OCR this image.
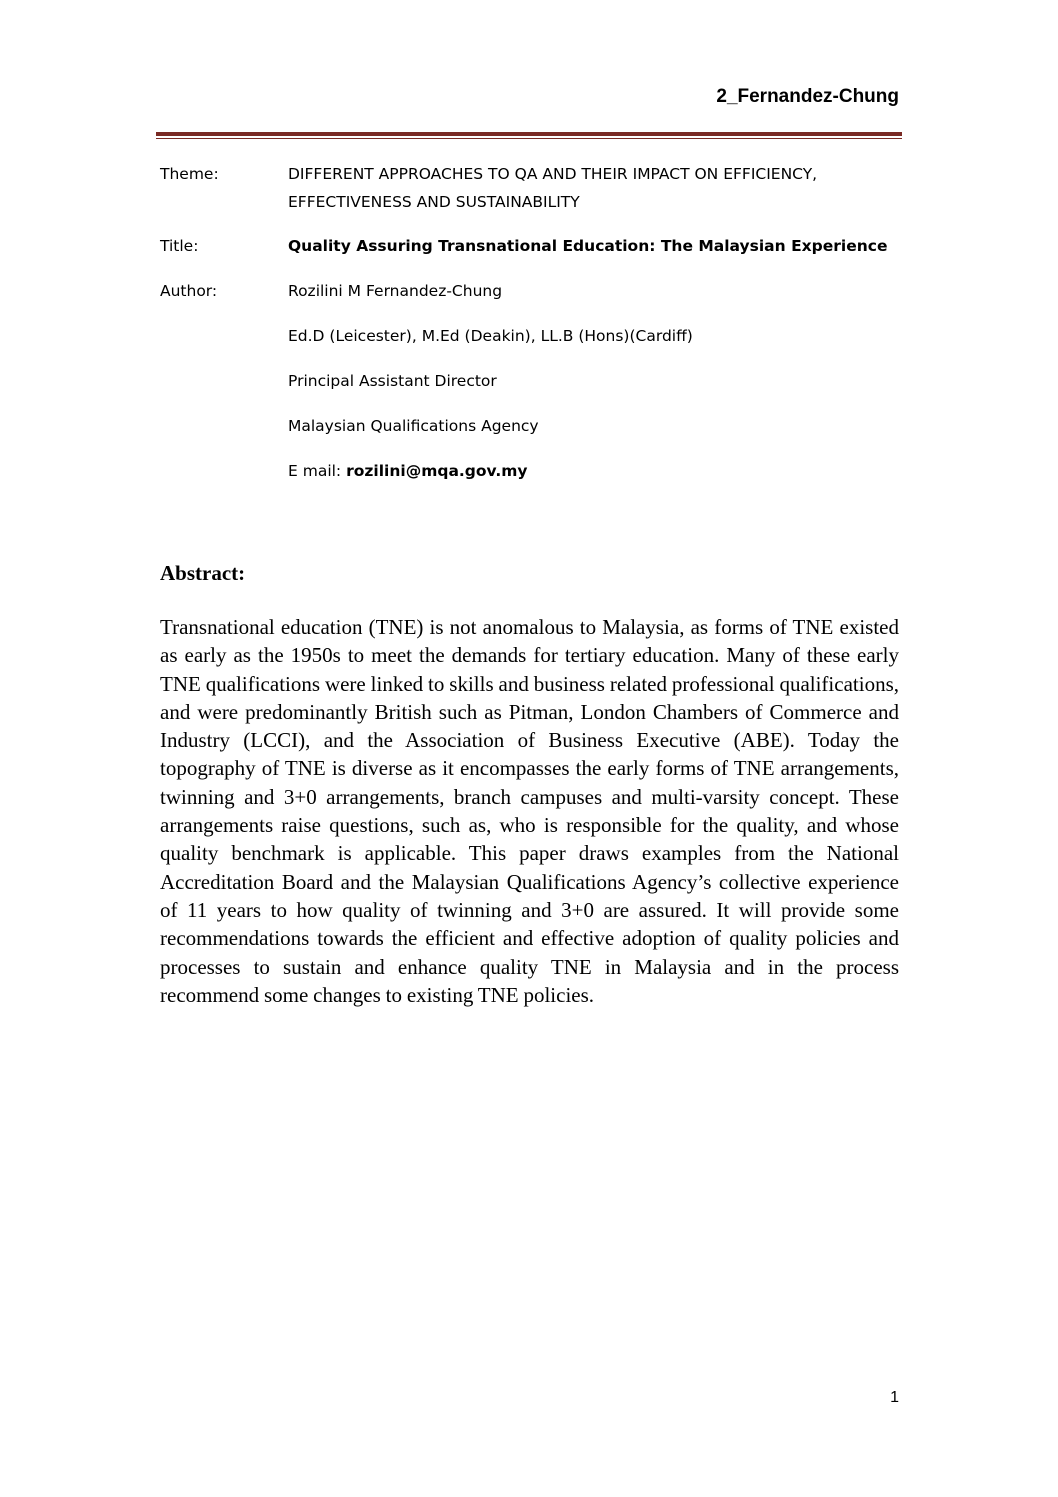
2_Fernandez-Chung
Theme:	DIFFERENT APPROACHES TO QA AND THEIR IMPACT ON EFFICIENCY,
EFFECTIVENESS AND SUSTAINABILITY
Title:	Quality Assuring Transnational Education: The Malaysian Experience
Author:	Rozilini M Fernandez-Chung
Ed.D (Leicester), M.Ed (Deakin), LL.B (Hons)(Cardiff)
Principal Assistant Director
Malaysian Qualifications Agency
E mail: rozilini@mqa.gov.my
Abstract:

Transnational education (TNE) is not anomalous to Malaysia, as forms of TNE existed as early as the 1950s to meet the demands for tertiary education. Many of these early TNE qualifications were linked to skills and business related professional qualifications, and were predominantly British such as Pitman, London Chambers of Commerce and Industry (LCCI), and the Association of Business Executive (ABE). Today the topography of TNE is diverse as it encompasses the early forms of TNE arrangements, twinning and 3+0 arrangements, branch campuses and multi-varsity concept. These arrangements raise questions, such as, who is responsible for the quality, and whose quality benchmark is applicable. This paper draws examples from the National Accreditation Board and the Malaysian Qualifications Agency’s collective experience of 11 years to how quality of twinning and 3+0 are assured. It will provide some recommendations towards the efficient and effective adoption of quality policies and processes to sustain and enhance quality TNE in Malaysia and in the process recommend some changes to existing TNE policies.

1
